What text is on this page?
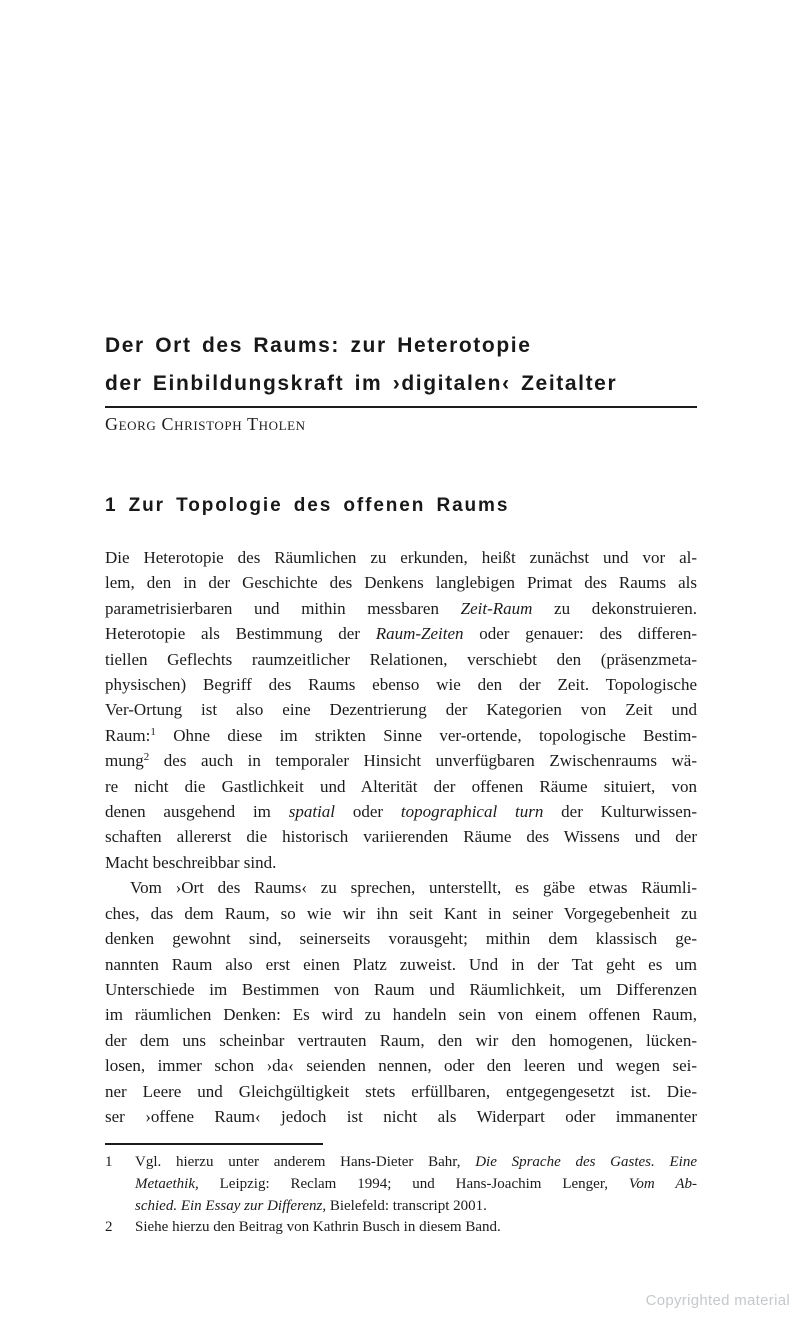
Der Ort des Raums: zur Heterotopie
der Einbildungskraft im ›digitalen‹ Zeitalter
Georg Christoph Tholen
1 Zur Topologie des offenen Raums
Die Heterotopie des Räumlichen zu erkunden, heißt zunächst und vor al-
lem, den in der Geschichte des Denkens langlebigen Primat des Raums als
parametrisierbaren und mithin messbaren Zeit-Raum zu dekonstruieren.
Heterotopie als Bestimmung der Raum-Zeiten oder genauer: des differen-
tiellen Geflechts raumzeitlicher Relationen, verschiebt den (präsenzmeta-
physischen) Begriff des Raums ebenso wie den der Zeit. Topologische
Ver-Ortung ist also eine Dezentrierung der Kategorien von Zeit und
Raum:$^1$ Ohne diese im strikten Sinne ver-ortende, topologische Bestim-
mung$^2$ des auch in temporaler Hinsicht unverfügbaren Zwischenraums wä-
re nicht die Gastlichkeit und Alterität der offenen Räume situiert, von
denen ausgehend im spatial oder topographical turn der Kulturwissen-
schaften allererst die historisch variierenden Räume des Wissens und der
Macht beschreibbar sind.
Vom ›Ort des Raums‹ zu sprechen, unterstellt, es gäbe etwas Räumli-
ches, das dem Raum, so wie wir ihn seit Kant in seiner Vorgegebenheit zu
denken gewohnt sind, seinerseits vorausgeht; mithin dem klassisch ge-
nannten Raum also erst einen Platz zuweist. Und in der Tat geht es um
Unterschiede im Bestimmen von Raum und Räumlichkeit, um Differenzen
im räumlichen Denken: Es wird zu handeln sein von einem offenen Raum,
der dem uns scheinbar vertrauten Raum, den wir den homogenen, lücken-
losen, immer schon ›da‹ seienden nennen, oder den leeren und wegen sei-
ner Leere und Gleichgültigkeit stets erfüllbaren, entgegengesetzt ist. Die-
ser ›offene Raum‹ jedoch ist nicht als Widerpart oder immanenter
1	Vgl. hierzu unter anderem Hans-Dieter Bahr, Die Sprache des Gastes. Eine
Metaethik, Leipzig: Reclam 1994; und Hans-Joachim Lenger, Vom Ab-
schied. Ein Essay zur Differenz, Bielefeld: transcript 2001.
2	Siehe hierzu den Beitrag von Kathrin Busch in diesem Band.
Copyrighted material
